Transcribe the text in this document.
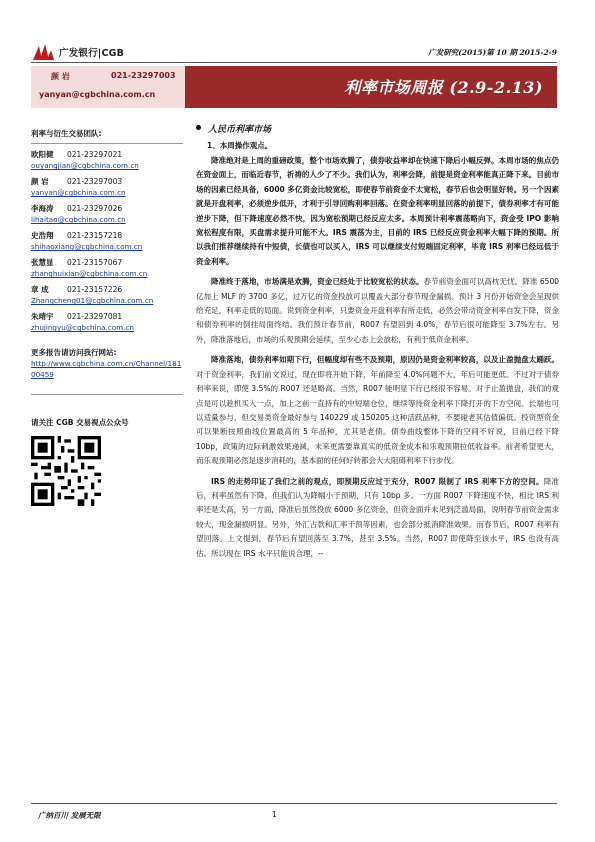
广发银行|CGB	广发研究(2015)第 10 期 2015-2-9
颜 岩	021-23297003
yanyan@cgbchina.com.cn	利率市场周报 (2.9-2.13)
利率与衍生交易团队:
欧阳健 021-23297021
ouyangjian@cgbchina.com.cn
颜 岩 021-23297003
yanyan@cgbchina.com.cn
李海涛 021-23297026
lihaitao@cgbchina.com.cn
史浩翔 021-23157218
shihaoxiang@cgbchina.com.cn
张慧显 021-23157067
zhanghuixian@cgbchina.com.cn
章 成 021-23157226
Zhangcheng01@cgbchina.com.cn
朱靖宇 021-23297081
zhujingyu@cgbchina.com.cn
更多报告请访问我行网站:
http://www.cgbchina.com.cn/Channel/18100459
请关注 CGB 交易视点公众号
人民币利率市场
1、本周操作观点。

降准绝对是上周的重磅政策，整个市场欢腾了，债券收益率却在快速下降后小幅反弹。本周市场的焦点仍在资金面上，而临近春节，祈祷的人少了不少。我们认为，利率会降，前提是资金利率能真正降下来。目前市场的因素已经具备，6000 多亿资金比较宽松，即使春节前资金不太宽松，春节后也会明显好转。另一个因素就是开盘利率，必须逆步低开，才利于引导回购利率回落。在资金利率明显回落的前提下，债券利率才有可能逆步下降，但下降速度必然不快，因为宽松预期已经反应太多。本周预计利率震荡略向下，资金受 IPO 影响宽松程度有限，买盘需求提升可能不大。IRS 震荡为主，目前的 IRS 已经反应资金利率大幅下降的预期。所以我们推荐继续持有中短债，长债也可以买入，IRS 可以继续支付短端固定利率，毕竟 IRS 利率已经远低于资金利率。

降准终于落地，市场满是欢腾，资金已经处于比较宽松的状态。春节前资金面可以高枕无忧。降准 6500 亿加上 MLF 的 3700 多亿，过万亿的资金投放可以覆盖大部分春节现金漏损。预计 3 月份开始资金会呈现供给充足，利率走低的局面。说到资金利率，只要资金开盘利率有所走低，必然会带动资金利率自发下降，资金和债券利率的倒挂局面终结。我们预计春节前，R007 有望回到 4.0%，春节后很可能降至 3.7%左右。另外，降准落地后，市场的乐观预期会延续，至少心态上会放松，有利于低资金利率。

降准落地，债券利率如期下行，但幅度却有些不及预期，原因仍是资金利率较高，以及止盈抛盘太踊跃。对于资金利率，我们前文说过，现在即将开始下降，年前降至 4.0%问题不大，年后可能更低。不过对于债券利率来说，即使 3.5%的 R007 还是略高。当然，R007 能明显下行已经很不容易。对于止盈抛盘，我们的观点是可以趁机买入一点，加上之前一直持有的中短端仓位，继续等待资金利率下降打开的下方空间。长端也可以适量参与，但交易类资金最好参与 140229 或 150205 这种活跃品种，不要碰老其估值偏低。投资型资金可以果断按照曲线位置最高的 5 年品种，尤其是老债。债券曲线整体下降的空间不好说，目前已经下降 10bp，政策的边际刺激效果递减，未来更需要靠真实的低资金成本和乐观预期拉低收益率。前者希望更大，而乐观预期必然是逐步消耗的，基本面的任何好转都会大大阻碍利率下行步伐。

IRS 的走势印证了我们之前的观点，即预期反应过于充分，R007 限制了 IRS 利率下方的空间。降准后，利率虽然有下降，但我们认为降幅小于预期，只有 10bp 多。一方面 R007 下降速度不快，相比 IRS 利率还是太高，另一方面，降准后虽然投放 6000 多亿资金，但资金面并未见到泛滥局面，说明春节前资金需求较大，现金漏损明显。另外，外汇占款和汇率干预等因素，也会部分抵消降准效果。而春节后，R007 利率有望回落。上文提到，春节后有望回落至 3.7%，甚至 3.5%。当然，R007 即使降至该水平，IRS 也没有高估。所以现在 IRS 水平只能说合理，--

广纳百川 发展无限	1
